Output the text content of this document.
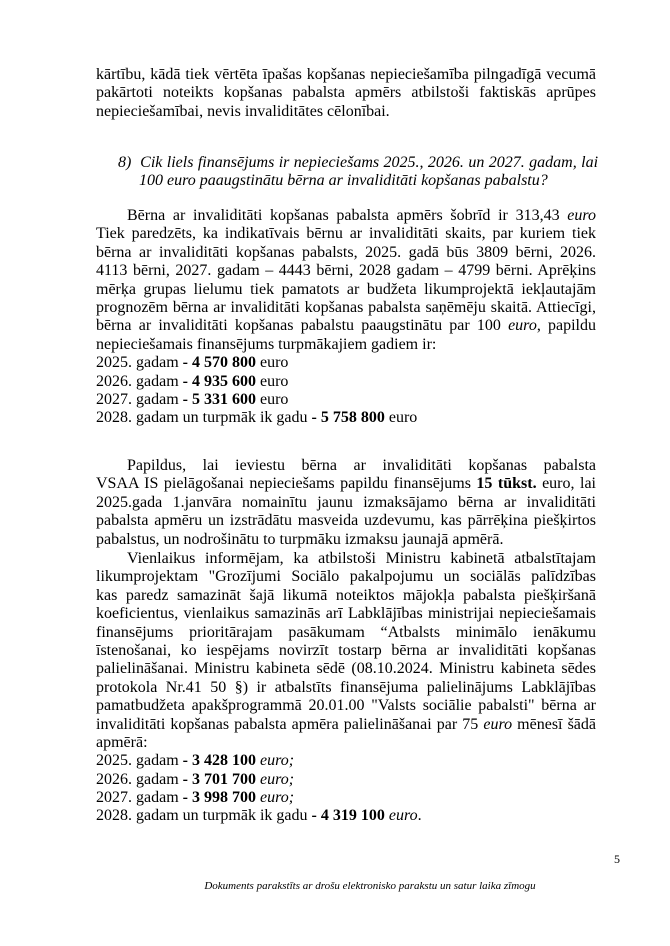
kārtību, kādā tiek vērtēta īpašas kopšanas nepieciešamība pilngadīgā vecumā
pakārtoti noteikts kopšanas pabalsta apmērs atbilstoši faktiskās aprūpes
nepieciešamībai, nevis invaliditātes cēlonībai.
8) Cik liels finansējums ir nepieciešams 2025., 2026. un 2027. gadam, lai
100 euro paaugstinātu bērna ar invaliditāti kopšanas pabalstu?
Bērna ar invaliditāti kopšanas pabalsta apmērs šobrīd ir 313,43 euro
Tiek paredzēts, ka indikatīvais bērnu ar invaliditāti skaits, par kuriem tiek
bērna ar invaliditāti kopšanas pabalsts, 2025. gadā būs 3809 bērni, 2026.
4113 bērni, 2027. gadam – 4443 bērni, 2028 gadam – 4799 bērni. Aprēķins
mērķa grupas lielumu tiek pamatots ar budžeta likumprojektā iekļautajām
prognozēm bērna ar invaliditāti kopšanas pabalsta saņēmēju skaitā. Attiecīgi,
bērna ar invaliditāti kopšanas pabalstu paaugstinātu par 100 euro, papildu
nepieciešamais finansējums turpmākajiem gadiem ir:
2025. gadam - 4 570 800 euro
2026. gadam - 4 935 600 euro
2027. gadam - 5 331 600 euro
2028. gadam un turpmāk ik gadu - 5 758 800 euro
Papildus, lai ieviestu bērna ar invaliditāti kopšanas pabalsta
VSAA IS pielāgošanai nepieciešams papildu finansējums 15 tūkst. euro, lai
2025.gada 1.janvāra nomainītu jaunu izmaksājamo bērna ar invaliditāti
pabalsta apmēru un izstrādātu masveida uzdevumu, kas pārrēķina piešķirtos
pabalstus, un nodrošinātu to turpmāku izmaksu jaunajā apmērā.
Vienlaikus informējam, ka atbilstoši Ministru kabinetā atbalstītajam
likumprojektam "Grozījumi Sociālo pakalpojumu un sociālās palīdzības
kas paredz samazināt šajā likumā noteiktos mājokļa pabalsta piešķiršanā
koeficientus, vienlaikus samazinās arī Labklājības ministrijai nepieciešamais
finansējums prioritārajam pasākumam “Atbalsts minimālo ienākumu
īstenošanai, ko iespējams novirzīt tostarp bērna ar invaliditāti kopšanas
palielināšanai. Ministru kabineta sēdē (08.10.2024. Ministru kabineta sēdes
protokola Nr.41 50 §) ir atbalstīts finansējuma palielinājums Labklājības
pamatbudžeta apakšprogrammā 20.01.00 "Valsts sociālie pabalsti" bērna ar
invaliditāti kopšanas pabalsta apmēra palielināšanai par 75 euro mēnesī šādā
apmērā:
2025. gadam - 3 428 100 euro;
2026. gadam - 3 701 700 euro;
2027. gadam - 3 998 700 euro;
2028. gadam un turpmāk ik gadu - 4 319 100 euro.
5
Dokuments parakstīts ar drošu elektronisko parakstu un satur laika zīmogu
